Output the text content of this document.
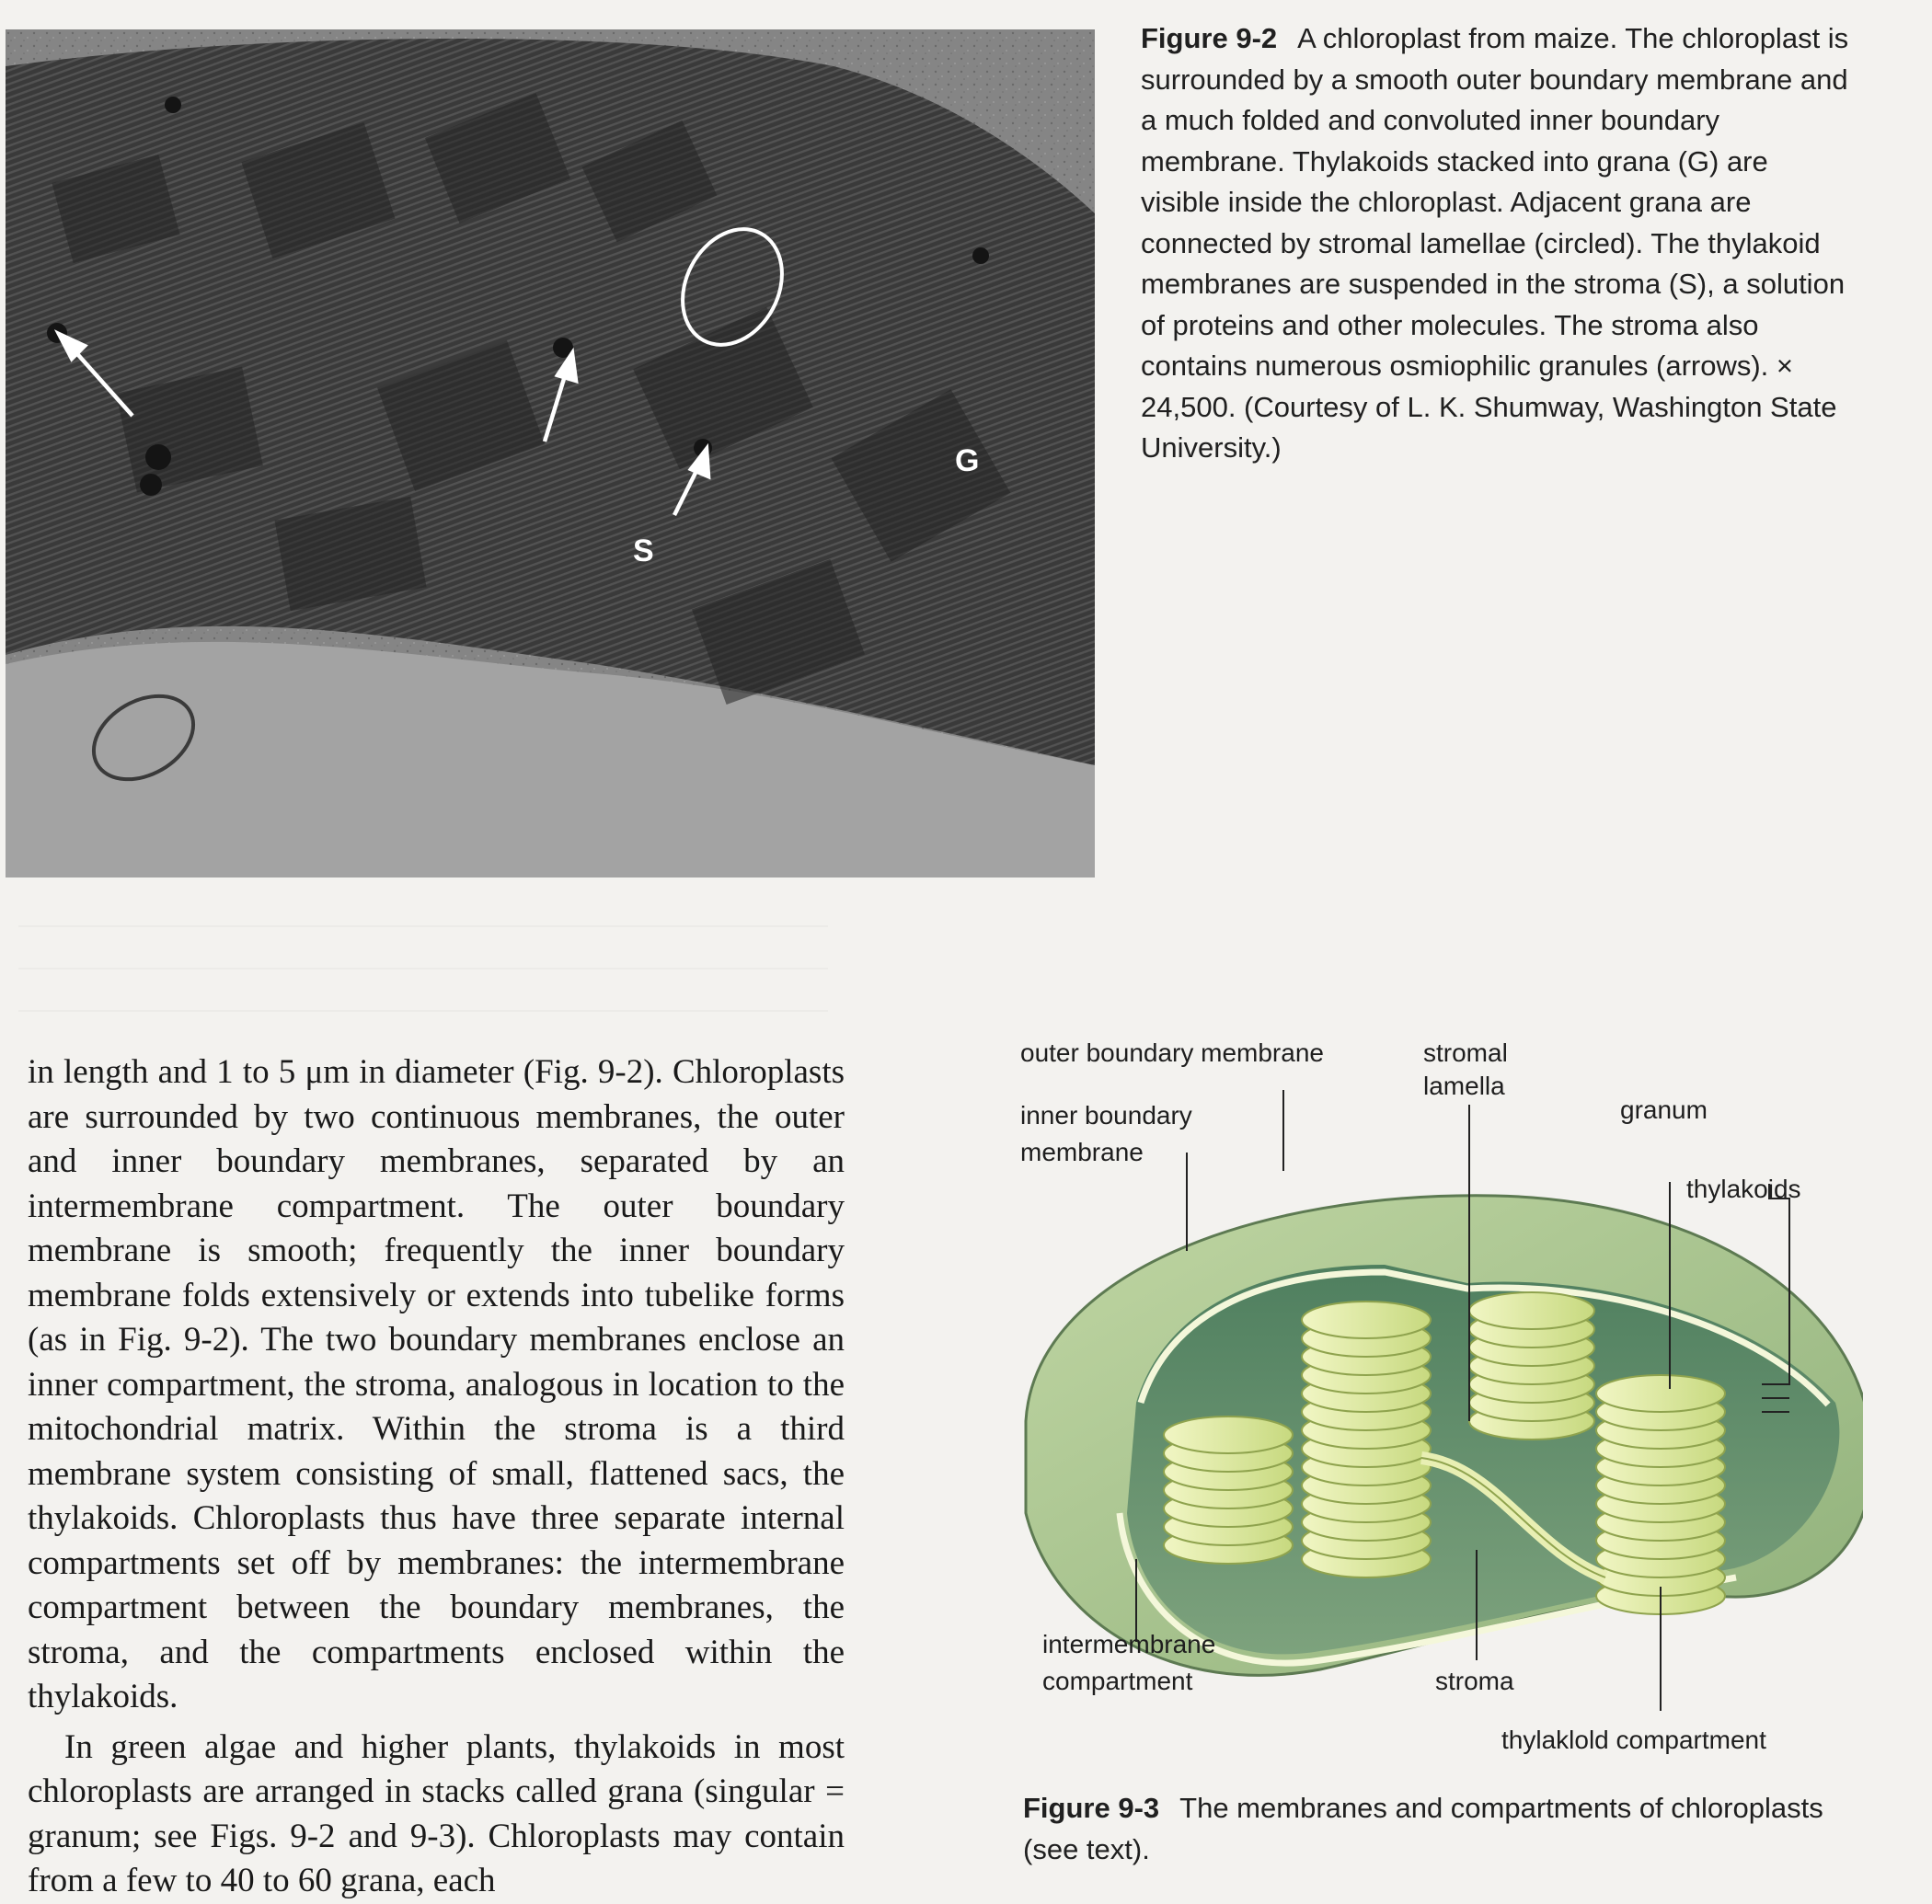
G
S
Figure 9-2 A chloroplast from maize. The chloroplast is surrounded by a smooth outer boundary membrane and a much folded and convoluted inner boundary membrane. Thylakoids stacked into grana (G) are visible inside the chloroplast. Adjacent grana are connected by stromal lamellae (circled). The thylakoid membranes are suspended in the stroma (S), a solution of proteins and other molecules. The stroma also contains numerous osmiophilic granules (arrows). × 24,500. (Courtesy of L. K. Shumway, Washington State University.)

in length and 1 to 5 μm in diameter (Fig. 9-2). Chloroplasts are surrounded by two continuous membranes, the outer and inner boundary membranes, separated by an intermembrane compartment. The outer boundary membrane is smooth; frequently the inner boundary membrane folds extensively or extends into tubelike forms (as in Fig. 9-2). The two boundary membranes enclose an inner compartment, the stroma, analogous in location to the mitochondrial matrix. Within the stroma is a third membrane system consisting of small, flattened sacs, the thylakoids. Chloroplasts thus have three separate internal compartments set off by membranes: the intermembrane compartment between the boundary membranes, the stroma, and the compartments enclosed within the thylakoids.

In green algae and higher plants, thylakoids in most chloroplasts are arranged in stacks called grana (singular = granum; see Figs. 9-2 and 9-3). Chloroplasts may contain from a few to 40 to 60 grana, each

outer boundary membrane	stromal
lamella
inner boundary
membrane
granum
thylakoids
intermembrane
compartment	stroma
thylaklold compartment
Figure 9-3 The membranes and compartments of chloroplasts (see text).
